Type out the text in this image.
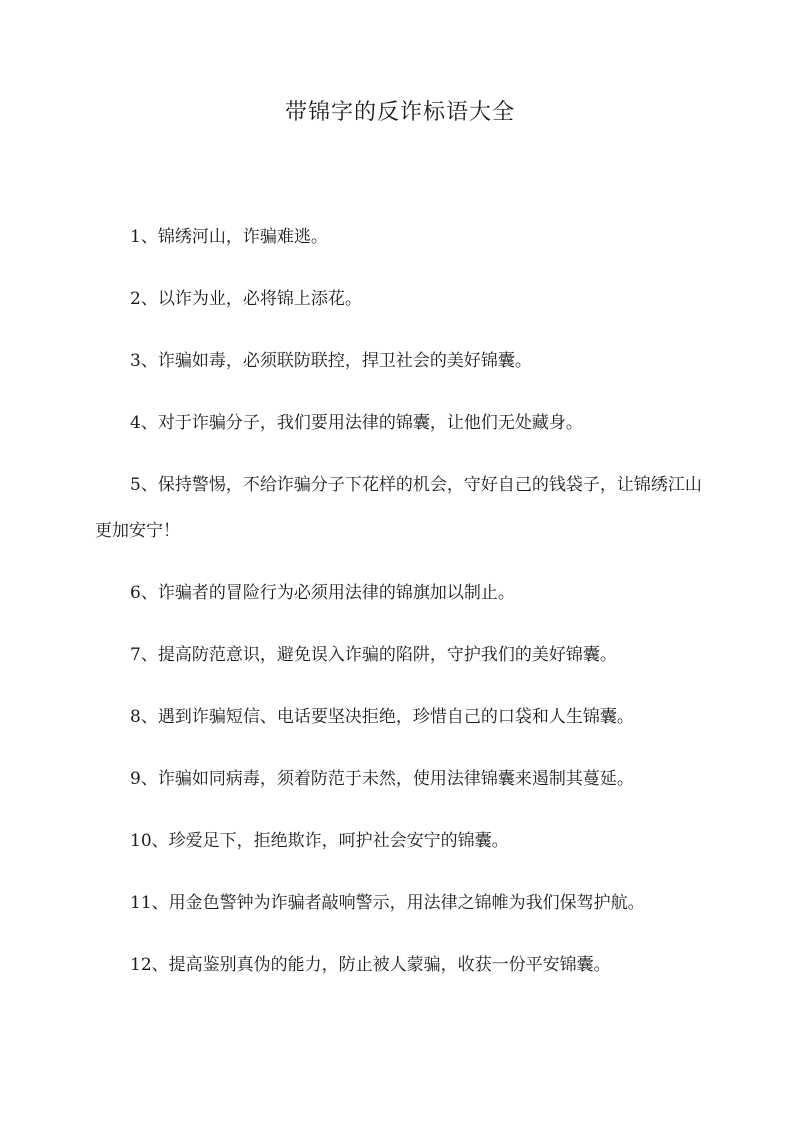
带锦字的反诈标语大全
1、锦绣河山，诈骗难逃。
2、以诈为业，必将锦上添花。
3、诈骗如毒，必须联防联控，捍卫社会的美好锦囊。
4、对于诈骗分子，我们要用法律的锦囊，让他们无处藏身。
5、保持警惕，不给诈骗分子下花样的机会，守好自己的钱袋子，让锦绣江山更加安宁！
6、诈骗者的冒险行为必须用法律的锦旗加以制止。
7、提高防范意识，避免误入诈骗的陷阱，守护我们的美好锦囊。
8、遇到诈骗短信、电话要坚决拒绝，珍惜自己的口袋和人生锦囊。
9、诈骗如同病毒，须着防范于未然，使用法律锦囊来遏制其蔓延。
10、珍爱足下，拒绝欺诈，呵护社会安宁的锦囊。
11、用金色警钟为诈骗者敲响警示，用法律之锦帷为我们保驾护航。
12、提高鉴别真伪的能力，防止被人蒙骗，收获一份平安锦囊。
